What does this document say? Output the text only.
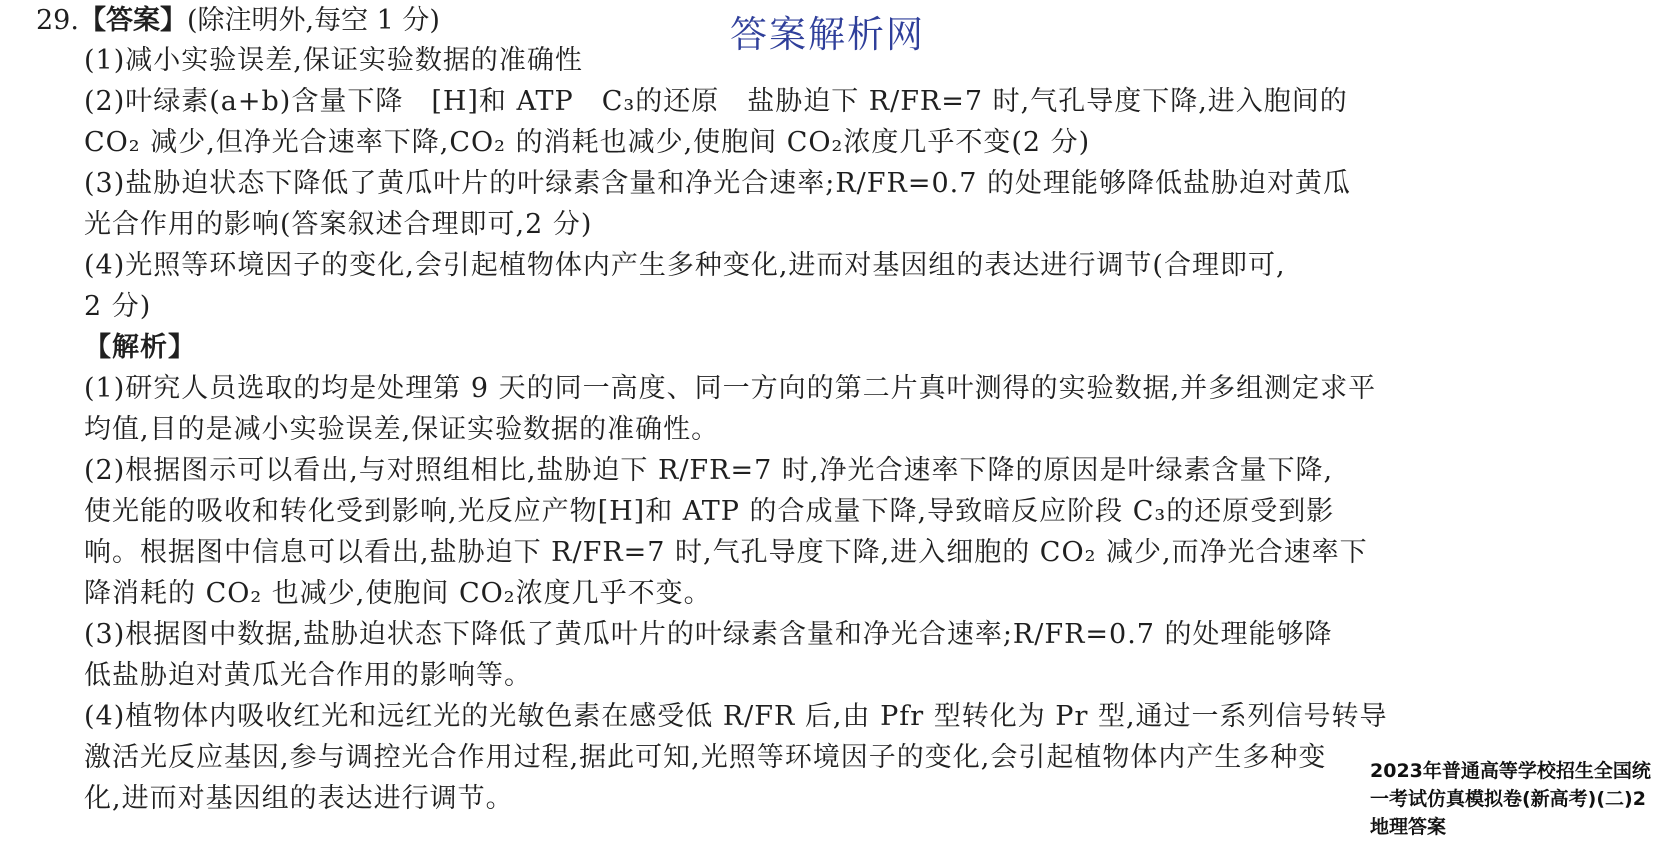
答案解析网
29.【答案】(除注明外,每空 1 分)
(1)减小实验误差,保证实验数据的准确性
(2)叶绿素(a+b)含量下降　[H]和 ATP　C₃的还原　盐胁迫下 R/FR=7 时,气孔导度下降,进入胞间的
CO₂ 减少,但净光合速率下降,CO₂ 的消耗也减少,使胞间 CO₂浓度几乎不变(2 分)
(3)盐胁迫状态下降低了黄瓜叶片的叶绿素含量和净光合速率;R/FR=0.7 的处理能够降低盐胁迫对黄瓜
光合作用的影响(答案叙述合理即可,2 分)
(4)光照等环境因子的变化,会引起植物体内产生多种变化,进而对基因组的表达进行调节(合理即可,
2 分)
【解析】
(1)研究人员选取的均是处理第 9 天的同一高度、同一方向的第二片真叶测得的实验数据,并多组测定求平
均值,目的是减小实验误差,保证实验数据的准确性。
(2)根据图示可以看出,与对照组相比,盐胁迫下 R/FR=7 时,净光合速率下降的原因是叶绿素含量下降,
使光能的吸收和转化受到影响,光反应产物[H]和 ATP 的合成量下降,导致暗反应阶段 C₃的还原受到影
响。根据图中信息可以看出,盐胁迫下 R/FR=7 时,气孔导度下降,进入细胞的 CO₂ 减少,而净光合速率下
降消耗的 CO₂ 也减少,使胞间 CO₂浓度几乎不变。
(3)根据图中数据,盐胁迫状态下降低了黄瓜叶片的叶绿素含量和净光合速率;R/FR=0.7 的处理能够降
低盐胁迫对黄瓜光合作用的影响等。
(4)植物体内吸收红光和远红光的光敏色素在感受低 R/FR 后,由 Pfr 型转化为 Pr 型,通过一系列信号转导
激活光反应基因,参与调控光合作用过程,据此可知,光照等环境因子的变化,会引起植物体内产生多种变
化,进而对基因组的表达进行调节。
2023年普通高等学校招生全国统一考试仿真模拟卷(新高考)(二)2地理答案
